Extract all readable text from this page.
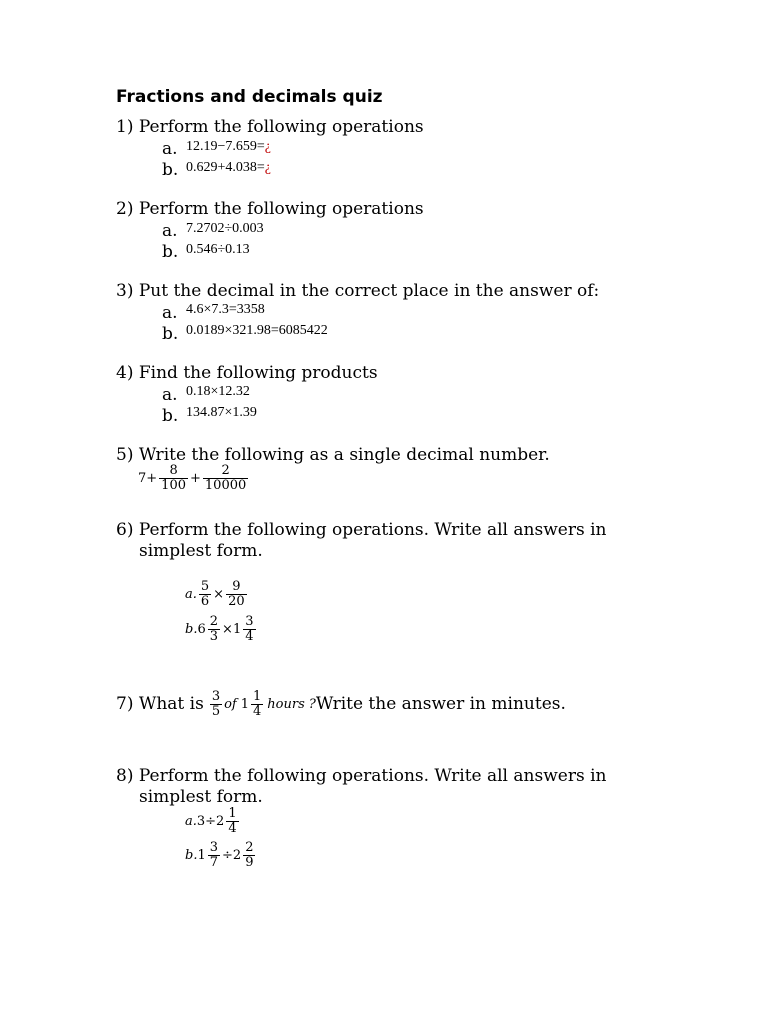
Fractions and decimals quiz
1) Perform the following operations
a. 12.19−7.659=¿
b. 0.629+4.038=¿
2) Perform the following operations
a. 7.2702÷0.003
b. 0.546÷0.13
3) Put the decimal in the correct place in the answer of:
a. 4.6×7.3=3358
b. 0.0189×321.98=6085422
4) Find the following products
a. 0.18×12.32
b. 134.87×1.39
5) Write the following as a single decimal number.
$7+ \frac{8}{100} + \frac{2}{10000}$
6) Perform the following operations. Write all answers in
simplest form.
a. $\frac{5}{6} \times \frac{9}{20}$
b. $6 \frac{2}{3} \times 1 \frac{3}{4}$
7) What is $\frac{3}{5}$ of $1 \frac{1}{4}$ hours ? Write the answer in minutes.
8) Perform the following operations. Write all answers in
simplest form.
a. $3\div 2 \frac{1}{4}$
b. $1 \frac{3}{7} \div 2 \frac{2}{9}$
